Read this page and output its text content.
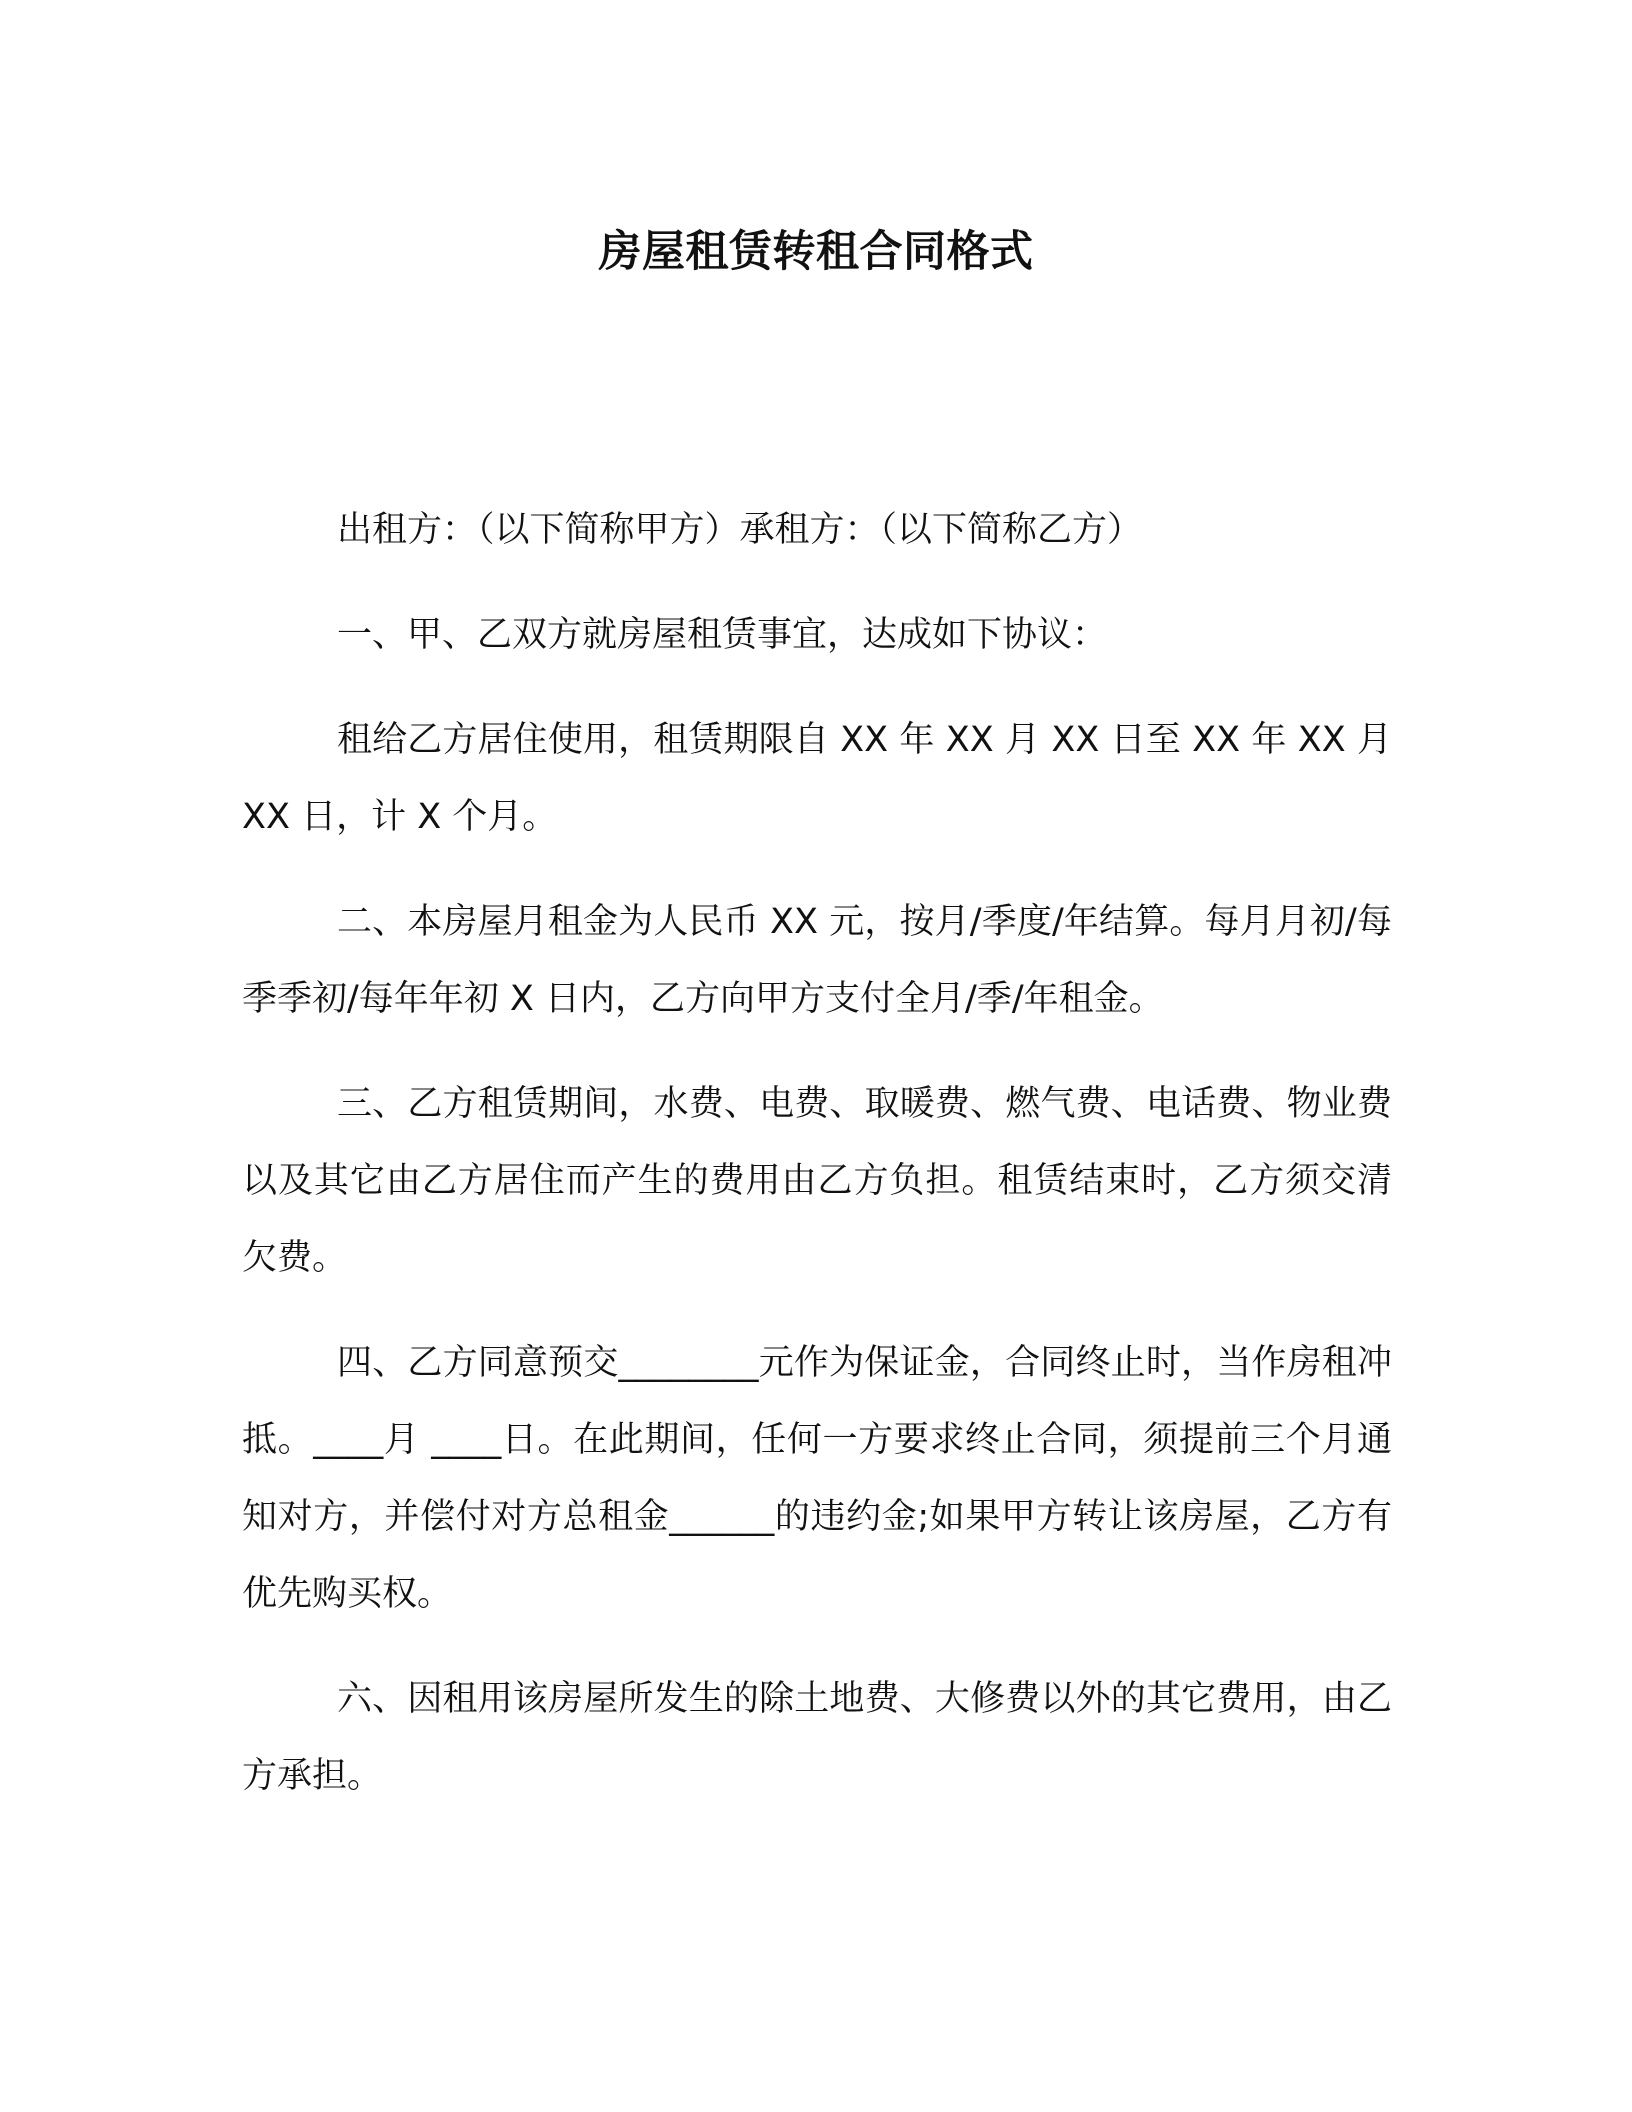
房屋租赁转租合同格式

出租方：（以下简称甲方）承租方：（以下简称乙方）

一、甲、乙双方就房屋租赁事宜，达成如下协议：

租给乙方居住使用，租赁期限自 XX 年 XX 月 XX 日至 XX 年 XX 月 XX 日，计 X 个月。

二、本房屋月租金为人民币 XX 元，按月/季度/年结算。每月月初/每季季初/每年年初 X 日内，乙方向甲方支付全月/季/年租金。

三、乙方租赁期间，水费、电费、取暖费、燃气费、电话费、物业费以及其它由乙方居住而产生的费用由乙方负担。租赁结束时，乙方须交清欠费。

四、乙方同意预交________元作为保证金，合同终止时，当作房租冲抵。____月 ____日。在此期间，任何一方要求终止合同，须提前三个月通知对方，并偿付对方总租金______的违约金;如果甲方转让该房屋，乙方有优先购买权。

六、因租用该房屋所发生的除土地费、大修费以外的其它费用，由乙方承担。
